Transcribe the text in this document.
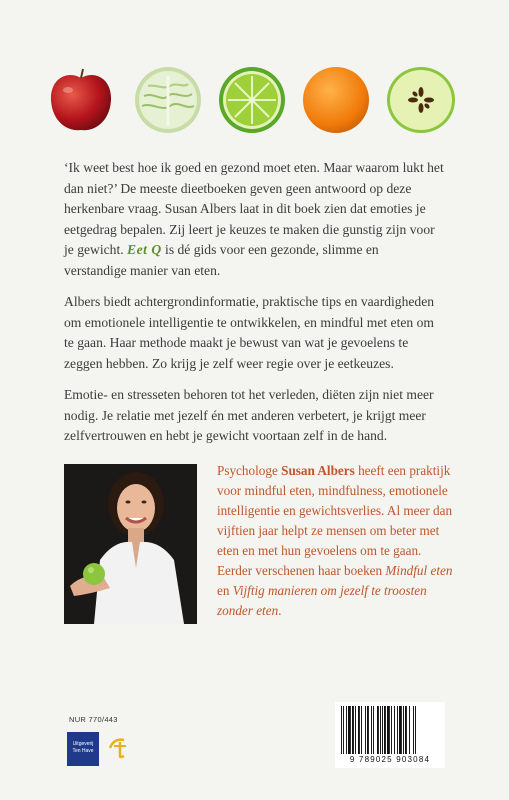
‘Ik weet best hoe ik goed en gezond moet eten. Maar waarom lukt het dan niet?’ De meeste dieetboeken geven geen antwoord op deze herkenbare vraag. Susan Albers laat in dit boek zien dat emoties je eetgedrag bepalen. Zij leert je keuzes te maken die gunstig zijn voor je gewicht. Eet Q is dé gids voor een gezonde, slimme en verstandige manier van eten.

Albers biedt achtergrondinformatie, praktische tips en vaardigheden om emotionele intelligentie te ontwikkelen, en mindful met eten om te gaan. Haar methode maakt je bewust van wat je gevoelens te zeggen hebben. Zo krijg je zelf weer regie over je eetkeuzes.

Emotie- en stresseten behoren tot het verleden, diëten zijn niet meer nodig. Je relatie met jezelf én met anderen verbetert, je krijgt meer zelfvertrouwen en hebt je gewicht voortaan zelf in de hand.

Psychologe Susan Albers heeft een praktijk voor mindful eten, mindfulness, emotionele intelligentie en gewichtsverlies. Al meer dan vijftien jaar helpt ze mensen om beter met eten en met hun gevoelens om te gaan. Eerder verschenen haar boeken Mindful eten en Vijftig manieren om jezelf te troosten zonder eten.

NUR 770/443
Uitgeverij
Ten Have
9 789025 903084
